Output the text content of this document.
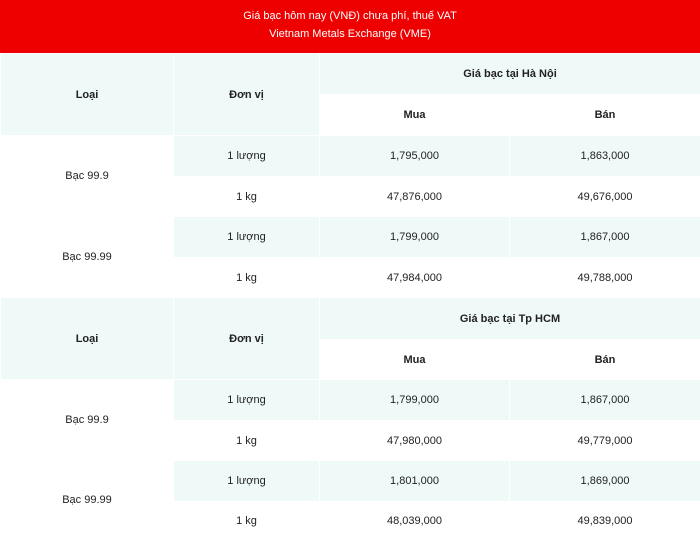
Giá bạc hôm nay (VNĐ) chưa phí, thuế VAT
Vietnam Metals Exchange (VME)
Loại	Đơn vị	Giá bạc tại Hà Nội	
		Mua	Bán
Bạc 99.9	1 lượng	1,795,000	1,863,000
	1 kg	47,876,000	49,676,000
Bạc 99.99	1 lượng	1,799,000	1,867,000
	1 kg	47,984,000	49,788,000
Loại	Đơn vị	Giá bạc tại Tp HCM	
		Mua	Bán
Bạc 99.9	1 lượng	1,799,000	1,867,000
	1 kg	47,980,000	49,779,000
Bạc 99.99	1 lượng	1,801,000	1,869,000
	1 kg	48,039,000	49,839,000
